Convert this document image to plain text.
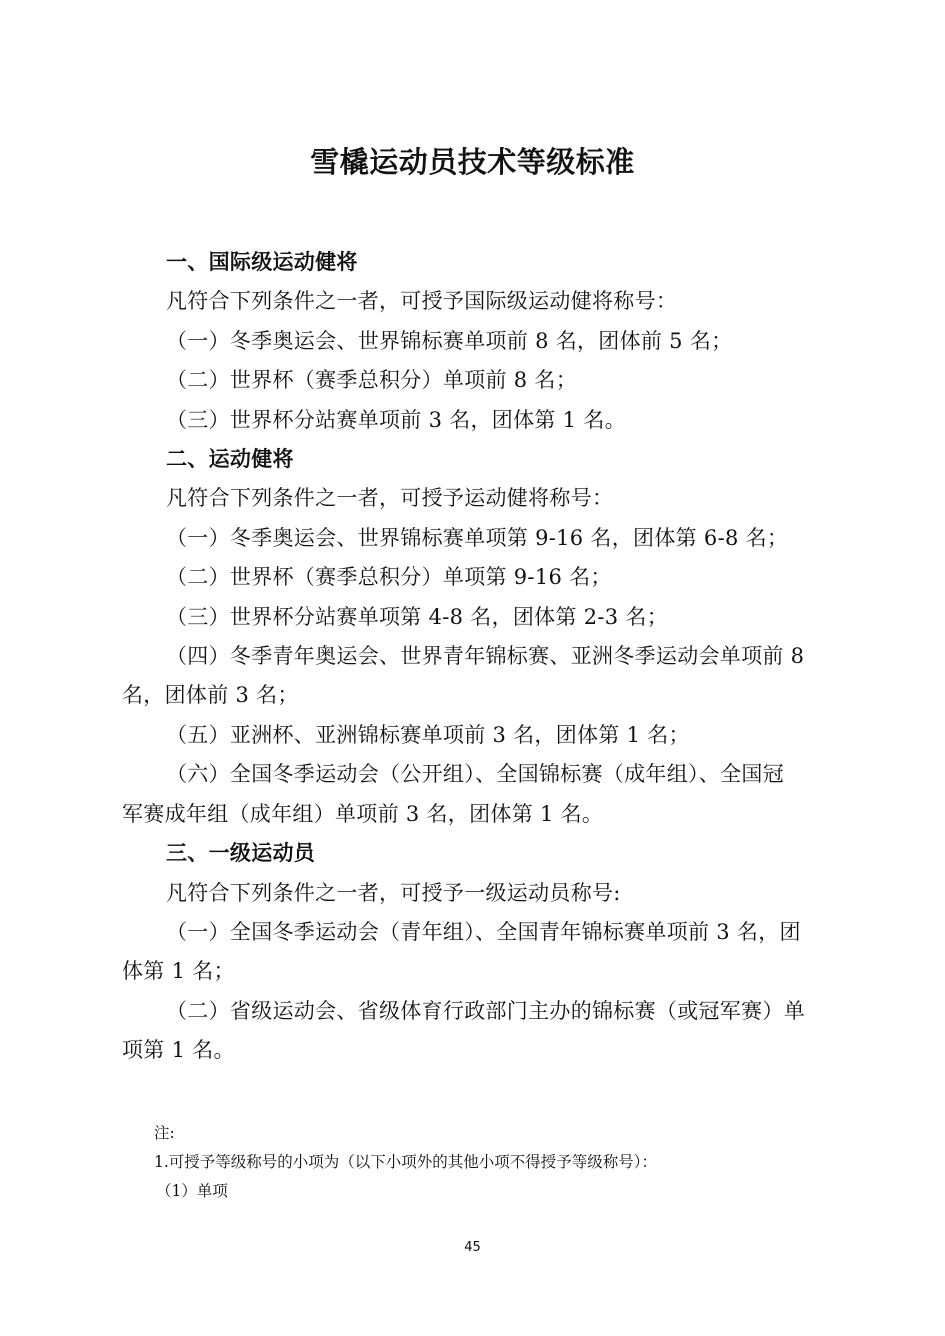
雪橇运动员技术等级标准
一、国际级运动健将
凡符合下列条件之一者，可授予国际级运动健将称号：
（一）冬季奥运会、世界锦标赛单项前 8 名，团体前 5 名；
（二）世界杯（赛季总积分）单项前 8 名；
（三）世界杯分站赛单项前 3 名，团体第 1 名。
二、运动健将
凡符合下列条件之一者，可授予运动健将称号：
（一）冬季奥运会、世界锦标赛单项第 9-16 名，团体第 6-8 名；
（二）世界杯（赛季总积分）单项第 9-16 名；
（三）世界杯分站赛单项第 4-8 名，团体第 2-3 名；
（四）冬季青年奥运会、世界青年锦标赛、亚洲冬季运动会单项前 8
名，团体前 3 名；
（五）亚洲杯、亚洲锦标赛单项前 3 名，团体第 1 名；
（六）全国冬季运动会（公开组）、全国锦标赛（成年组）、全国冠
军赛成年组（成年组）单项前 3 名，团体第 1 名。
三、一级运动员
凡符合下列条件之一者，可授予一级运动员称号:
（一）全国冬季运动会（青年组）、全国青年锦标赛单项前 3 名，团
体第 1 名；
（二）省级运动会、省级体育行政部门主办的锦标赛（或冠军赛）单
项第 1 名。
注:
1.可授予等级称号的小项为（以下小项外的其他小项不得授予等级称号）：
（1）单项
45
